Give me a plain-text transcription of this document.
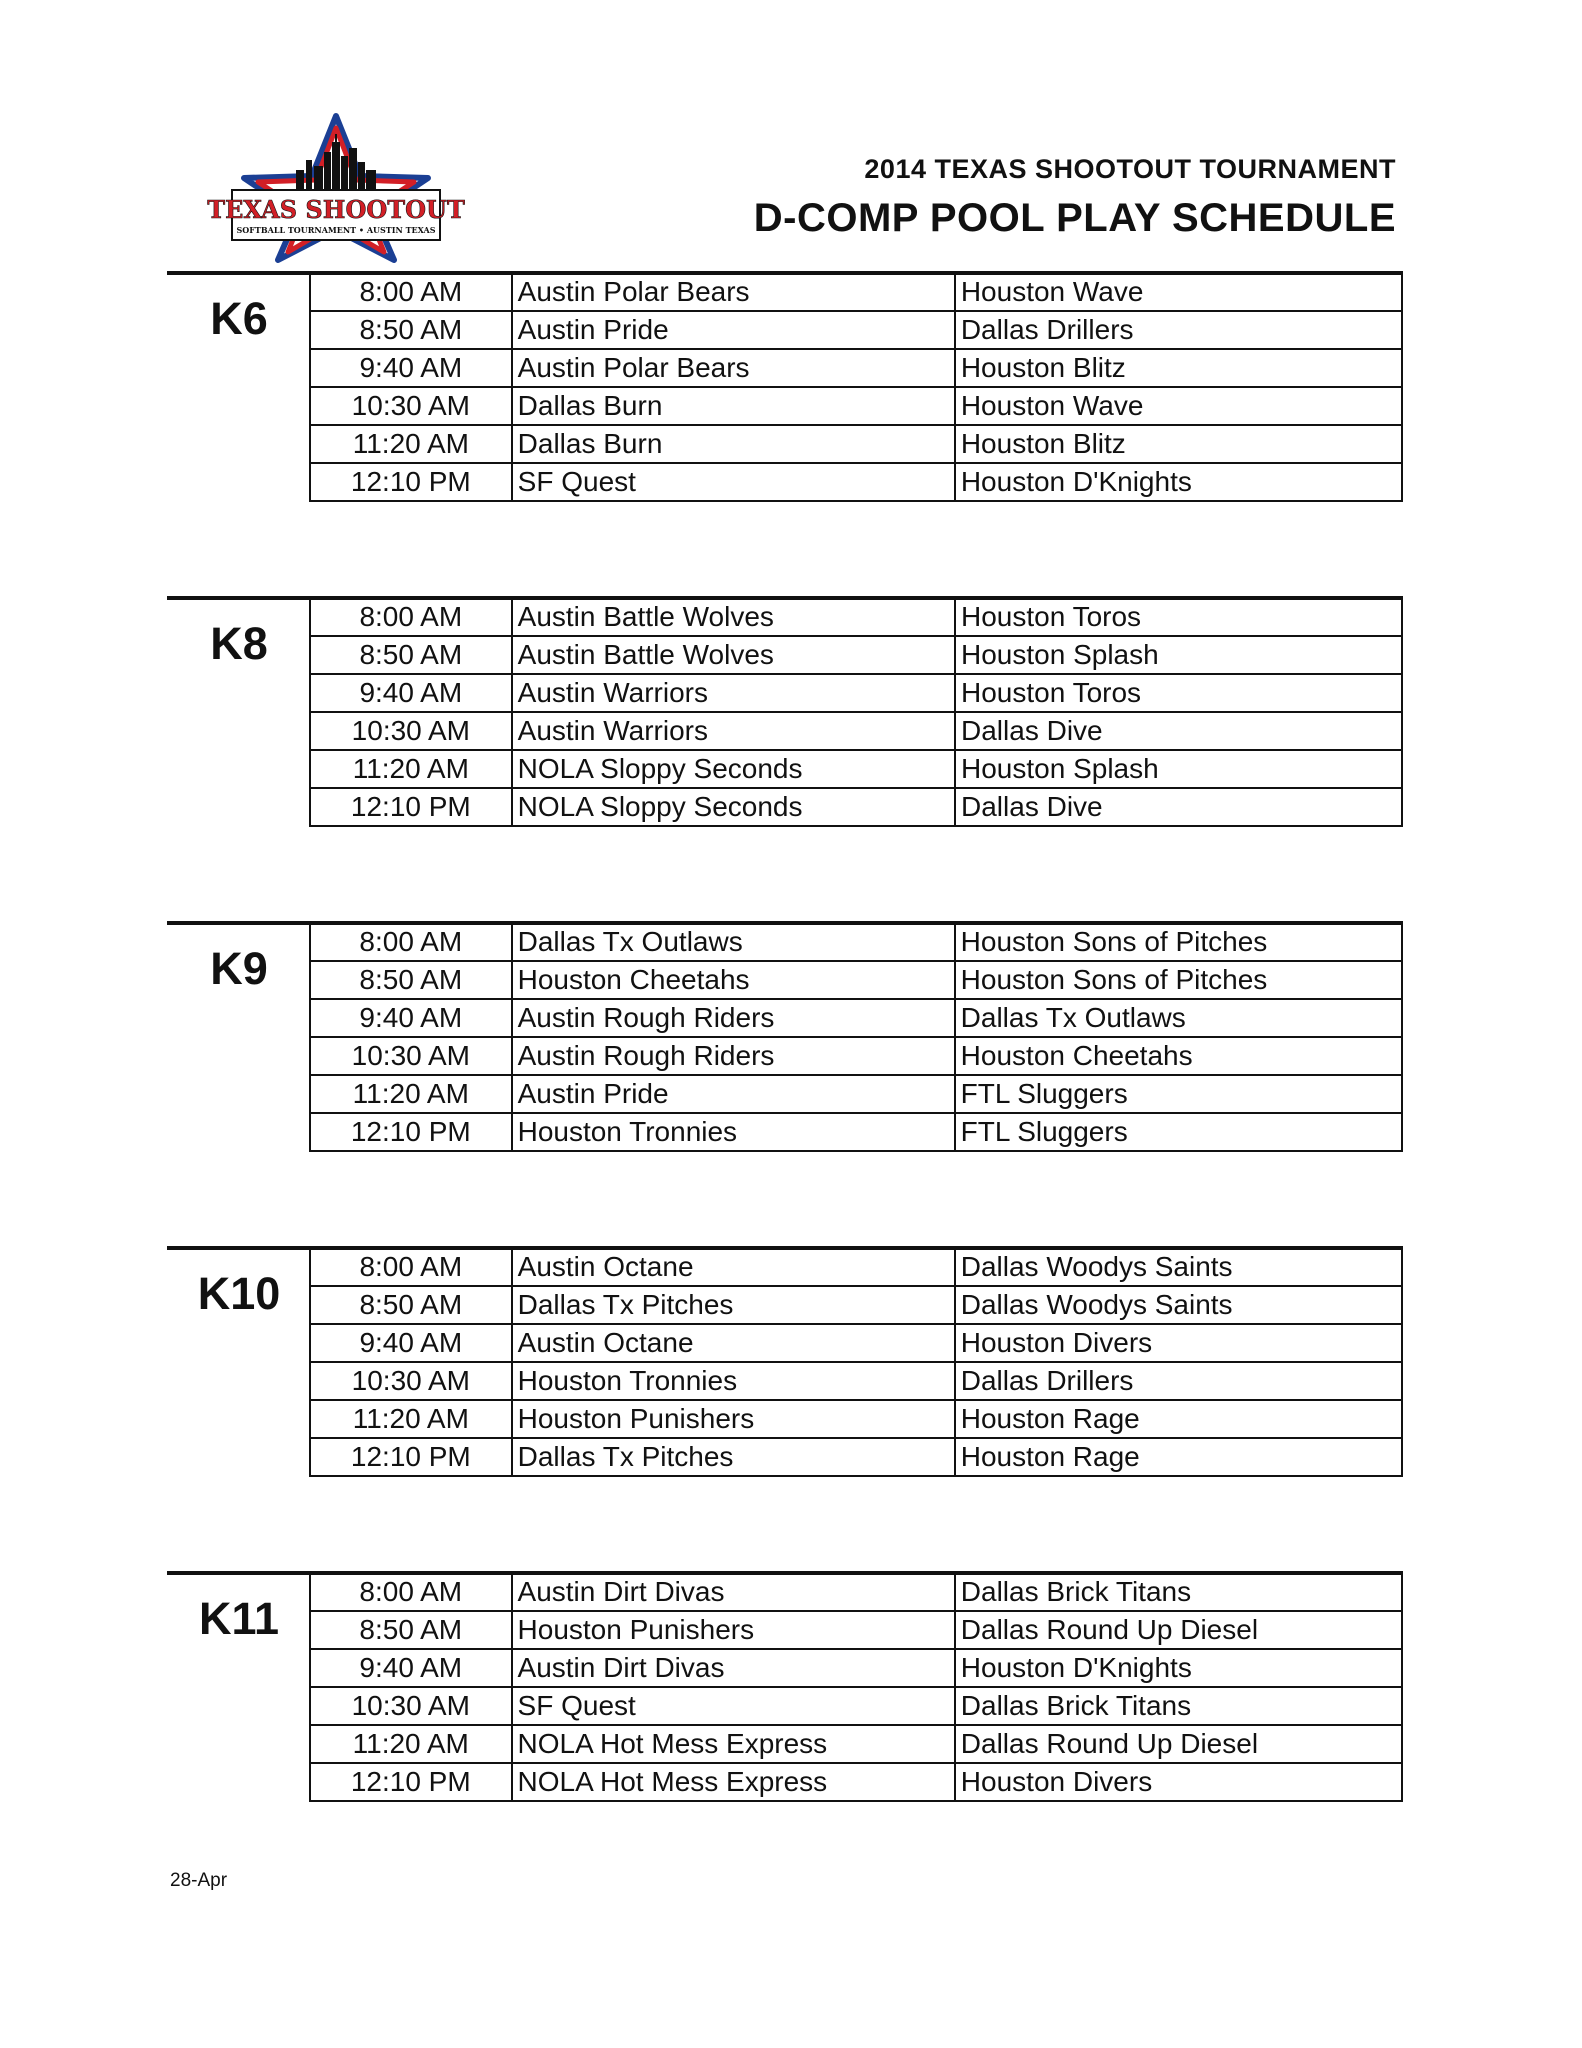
TEXAS SHOOTOUT
SOFTBALL TOURNAMENT • AUSTIN TEXAS
2014 TEXAS SHOOTOUT TOURNAMENT
D-COMP POOL PLAY SCHEDULE
K6
8:00 AM	Austin Polar Bears	Houston Wave
8:50 AM	Austin Pride	Dallas Drillers
9:40 AM	Austin Polar Bears	Houston Blitz
10:30 AM	Dallas Burn	Houston Wave
11:20 AM	Dallas Burn	Houston Blitz
12:10 PM	SF Quest	Houston D'Knights
K8
8:00 AM	Austin Battle Wolves	Houston Toros
8:50 AM	Austin Battle Wolves	Houston Splash
9:40 AM	Austin Warriors	Houston Toros
10:30 AM	Austin Warriors	Dallas Dive
11:20 AM	NOLA Sloppy Seconds	Houston Splash
12:10 PM	NOLA Sloppy Seconds	Dallas Dive
K9
8:00 AM	Dallas Tx Outlaws	Houston Sons of Pitches
8:50 AM	Houston Cheetahs	Houston Sons of Pitches
9:40 AM	Austin Rough Riders	Dallas Tx Outlaws
10:30 AM	Austin Rough Riders	Houston Cheetahs
11:20 AM	Austin Pride	FTL Sluggers
12:10 PM	Houston Tronnies	FTL Sluggers
K10
8:00 AM	Austin Octane	Dallas Woodys Saints
8:50 AM	Dallas Tx Pitches	Dallas Woodys Saints
9:40 AM	Austin Octane	Houston Divers
10:30 AM	Houston Tronnies	Dallas Drillers
11:20 AM	Houston Punishers	Houston Rage
12:10 PM	Dallas Tx Pitches	Houston Rage
K11
8:00 AM	Austin Dirt Divas	Dallas Brick Titans
8:50 AM	Houston Punishers	Dallas Round Up Diesel
9:40 AM	Austin Dirt Divas	Houston D'Knights
10:30 AM	SF Quest	Dallas Brick Titans
11:20 AM	NOLA Hot Mess Express	Dallas Round Up Diesel
12:10 PM	NOLA Hot Mess Express	Houston Divers
28-Apr
